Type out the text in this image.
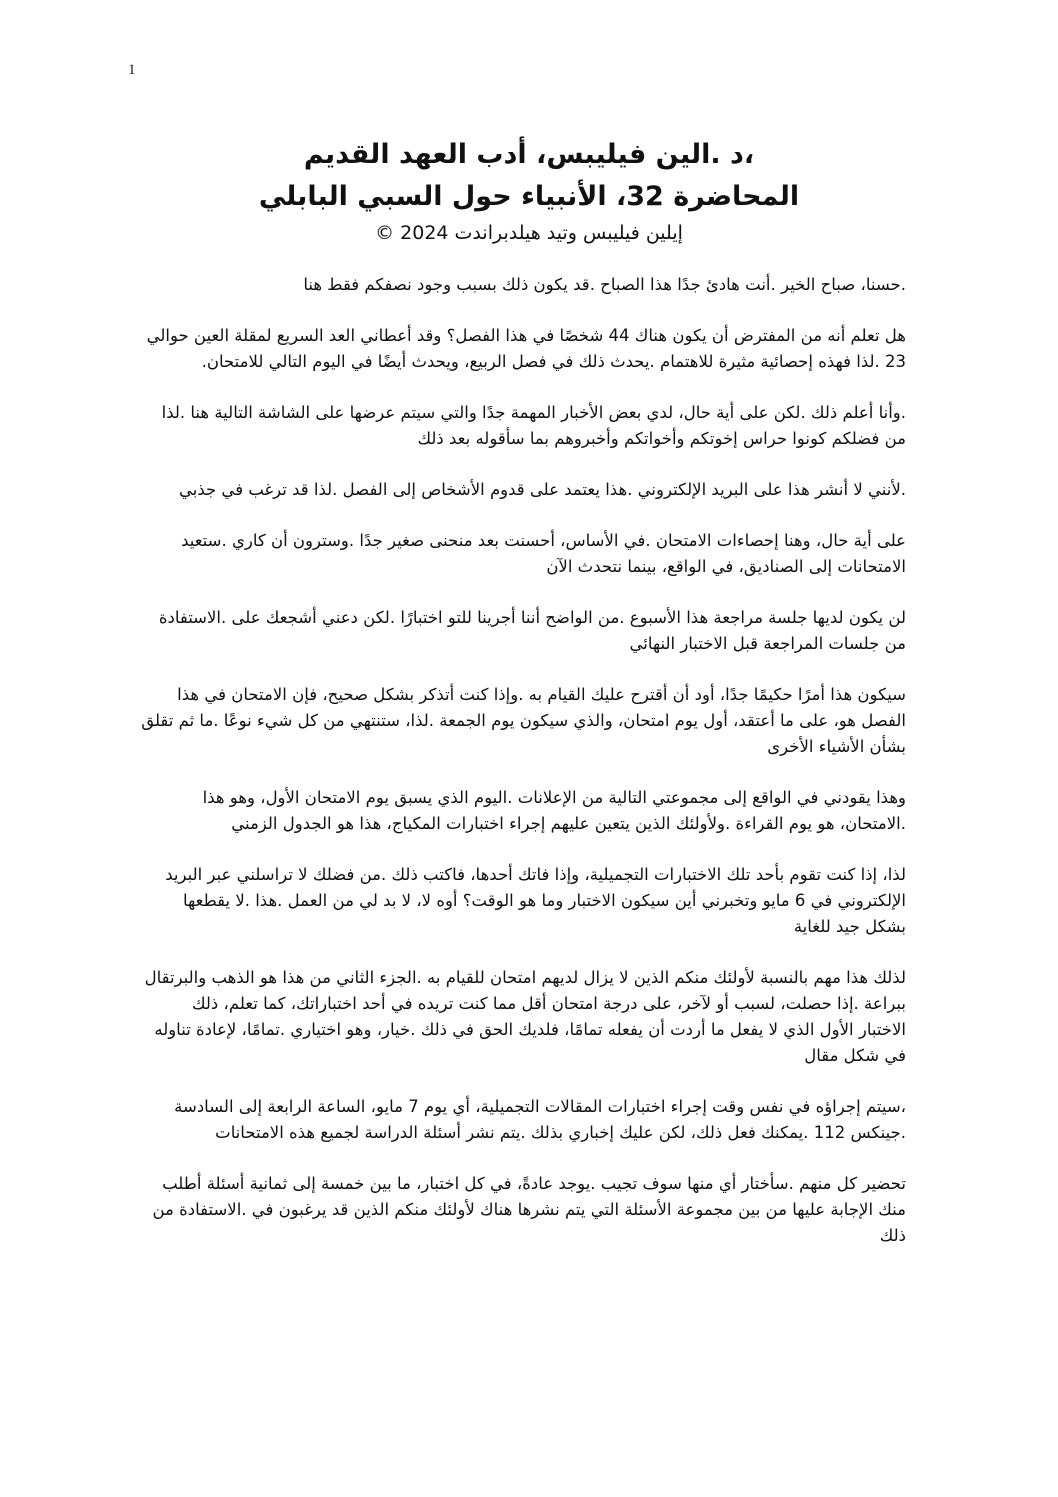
1
،د .الين فيليبس، أدب العهد القديم
المحاضرة 32، الأنبياء حول السبي البابلي
إيلين فيليبس وتيد هيلدبراندت 2024 ©

.حسنا، صباح الخير .أنت هادئ جدًا هذا الصباح .قد يكون ذلك بسبب وجود نصفكم فقط هنا

هل تعلم أنه من المفترض أن يكون هناك 44 شخصًا في هذا الفصل؟ وقد أعطاني العد السريع لمقلة العين حوالي 23 .لذا فهذه إحصائية مثيرة للاهتمام .يحدث ذلك في فصل الربيع، ويحدث أيضًا في اليوم التالي للامتحان.

.وأنا أعلم ذلك .لكن على أية حال، لدي بعض الأخبار المهمة جدًا والتي سيتم عرضها على الشاشة التالية هنا .لذا من فضلكم كونوا حراس إخوتكم وأخواتكم وأخبروهم بما سأقوله بعد ذلك

.لأنني لا أنشر هذا على البريد الإلكتروني .هذا يعتمد على قدوم الأشخاص إلى الفصل .لذا قد ترغب في جذبي

على أية حال، وهنا إحصاءات الامتحان .في الأساس، أحسنت بعد منحنى صغير جدًا .وسترون أن كاري .ستعيد الامتحانات إلى الصناديق، في الواقع، بينما نتحدث الآن

لن يكون لديها جلسة مراجعة هذا الأسبوع .من الواضح أننا أجرينا للتو اختبارًا .لكن دعني أشجعك على .الاستفادة من جلسات المراجعة قبل الاختبار النهائي

سيكون هذا أمرًا حكيمًا جدًا، أود أن أقترح عليك القيام به .وإذا كنت أتذكر بشكل صحيح، فإن الامتحان في هذا الفصل هو، على ما أعتقد، أول يوم امتحان، والذي سيكون يوم الجمعة .لذا، ستنتهي من كل شيء نوعًا .ما ثم تقلق بشأن الأشياء الأخرى

وهذا يقودني في الواقع إلى مجموعتي التالية من الإعلانات .اليوم الذي يسبق يوم الامتحان الأول، وهو هذا .الامتحان، هو يوم القراءة .ولأولئك الذين يتعين عليهم إجراء اختبارات المكياج، هذا هو الجدول الزمني

لذا، إذا كنت تقوم بأحد تلك الاختبارات التجميلية، وإذا فاتك أحدها، فاكتب ذلك .من فضلك لا تراسلني عبر البريد الإلكتروني في 6 مايو وتخبرني أين سيكون الاختبار وما هو الوقت؟ أوه لا، لا بد لي من العمل .هذا .لا يقطعها بشكل جيد للغاية

لذلك هذا مهم بالنسبة لأولئك منكم الذين لا يزال لديهم امتحان للقيام به .الجزء الثاني من هذا هو الذهب والبرتقال ببراعة .إذا حصلت، لسبب أو لآخر، على درجة امتحان أقل مما كنت تريده في أحد اختباراتك، كما تعلم، ذلك الاختبار الأول الذي لا يفعل ما أردت أن يفعله تمامًا، فلديك الحق في ذلك .خيار، وهو اختياري .تمامًا، لإعادة تناوله في شكل مقال

،سيتم إجراؤه في نفس وقت إجراء اختبارات المقالات التجميلية، أي يوم 7 مايو، الساعة الرابعة إلى السادسة .جينكس 112 .يمكنك فعل ذلك، لكن عليك إخباري بذلك .يتم نشر أسئلة الدراسة لجميع هذه الامتحانات

تحضير كل منهم .سأختار أي منها سوف تجيب .يوجد عادةً، في كل اختبار، ما بين خمسة إلى ثمانية أسئلة أطلب منك الإجابة عليها من بين مجموعة الأسئلة التي يتم نشرها هناك لأولئك منكم الذين قد يرغبون في .الاستفادة من ذلك
